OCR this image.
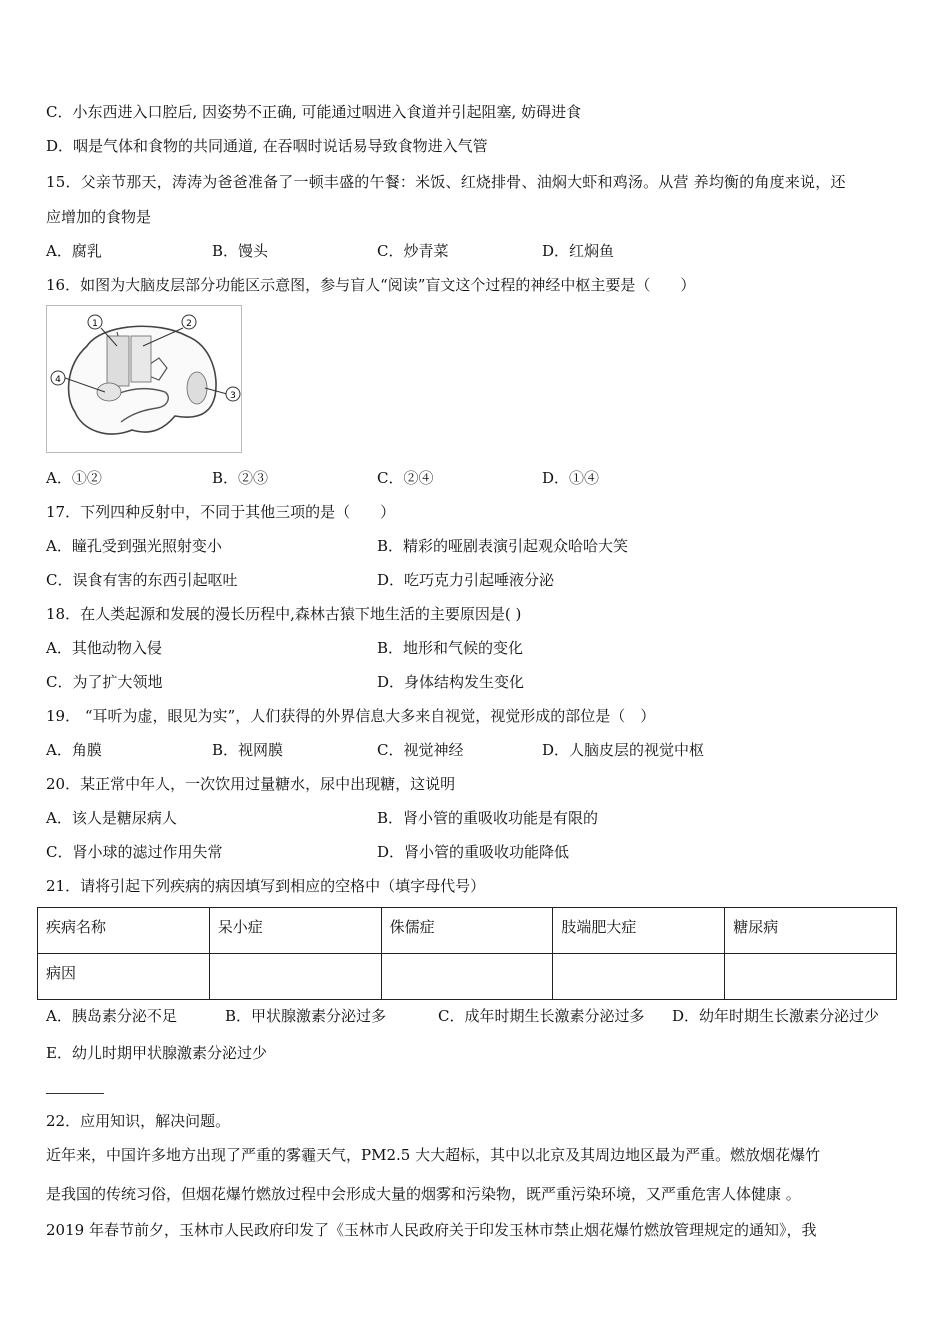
C．小东西进入口腔后, 因姿势不正确, 可能通过咽进入食道并引起阻塞, 妨碍进食
D．咽是气体和食物的共同通道, 在吞咽时说话易导致食物进入气管
15．父亲节那天，涛涛为爸爸准备了一顿丰盛的午餐：米饭、红烧排骨、油焖大虾和鸡汤。从营 养均衡的角度来说，还
应增加的食物是
A．腐乳	B．馒头	C．炒青菜	D．红焖鱼
16．如图为大脑皮层部分功能区示意图，参与盲人“阅读”盲文这个过程的神经中枢主要是（　　）
1	2
3
4
A．①②	B．②③	C．②④	D．①④
17．下列四种反射中，不同于其他三项的是（　　）
A．瞳孔受到强光照射变小	B．精彩的哑剧表演引起观众哈哈大笑
C．误食有害的东西引起呕吐	D．吃巧克力引起唾液分泌
18．在人类起源和发展的漫长历程中,森林古猿下地生活的主要原因是( )
A．其他动物入侵	B．地形和气候的变化
C．为了扩大领地	D．身体结构发生变化
19． “耳听为虚，眼见为实”，人们获得的外界信息大多来自视觉，视觉形成的部位是（　）
A．角膜	B．视网膜	C．视觉神经	D．人脑皮层的视觉中枢
20．某正常中年人，一次饮用过量糖水，尿中出现糖，这说明
A．该人是糖尿病人	B．肾小管的重吸收功能是有限的
C．肾小球的滤过作用失常	D．肾小管的重吸收功能降低
21．请将引起下列疾病的病因填写到相应的空格中（填字母代号）
疾病名称	呆小症	侏儒症	肢端肥大症	糖尿病
病因				
A．胰岛素分泌不足	B．甲状腺激素分泌过多	C．成年时期生长激素分泌过多 D．幼年时期生长激素分泌过少
E．幼儿时期甲状腺激素分泌过少
22．应用知识，解决问题。
近年来，中国许多地方出现了严重的雾霾天气，PM2.5 大大超标，其中以北京及其周边地区最为严重。燃放烟花爆竹
是我国的传统习俗，但烟花爆竹燃放过程中会形成大量的烟雾和污染物，既严重污染环境，又严重危害人体健康 。
2019 年春节前夕，玉林市人民政府印发了《玉林市人民政府关于印发玉林市禁止烟花爆竹燃放管理规定的通知》，我
